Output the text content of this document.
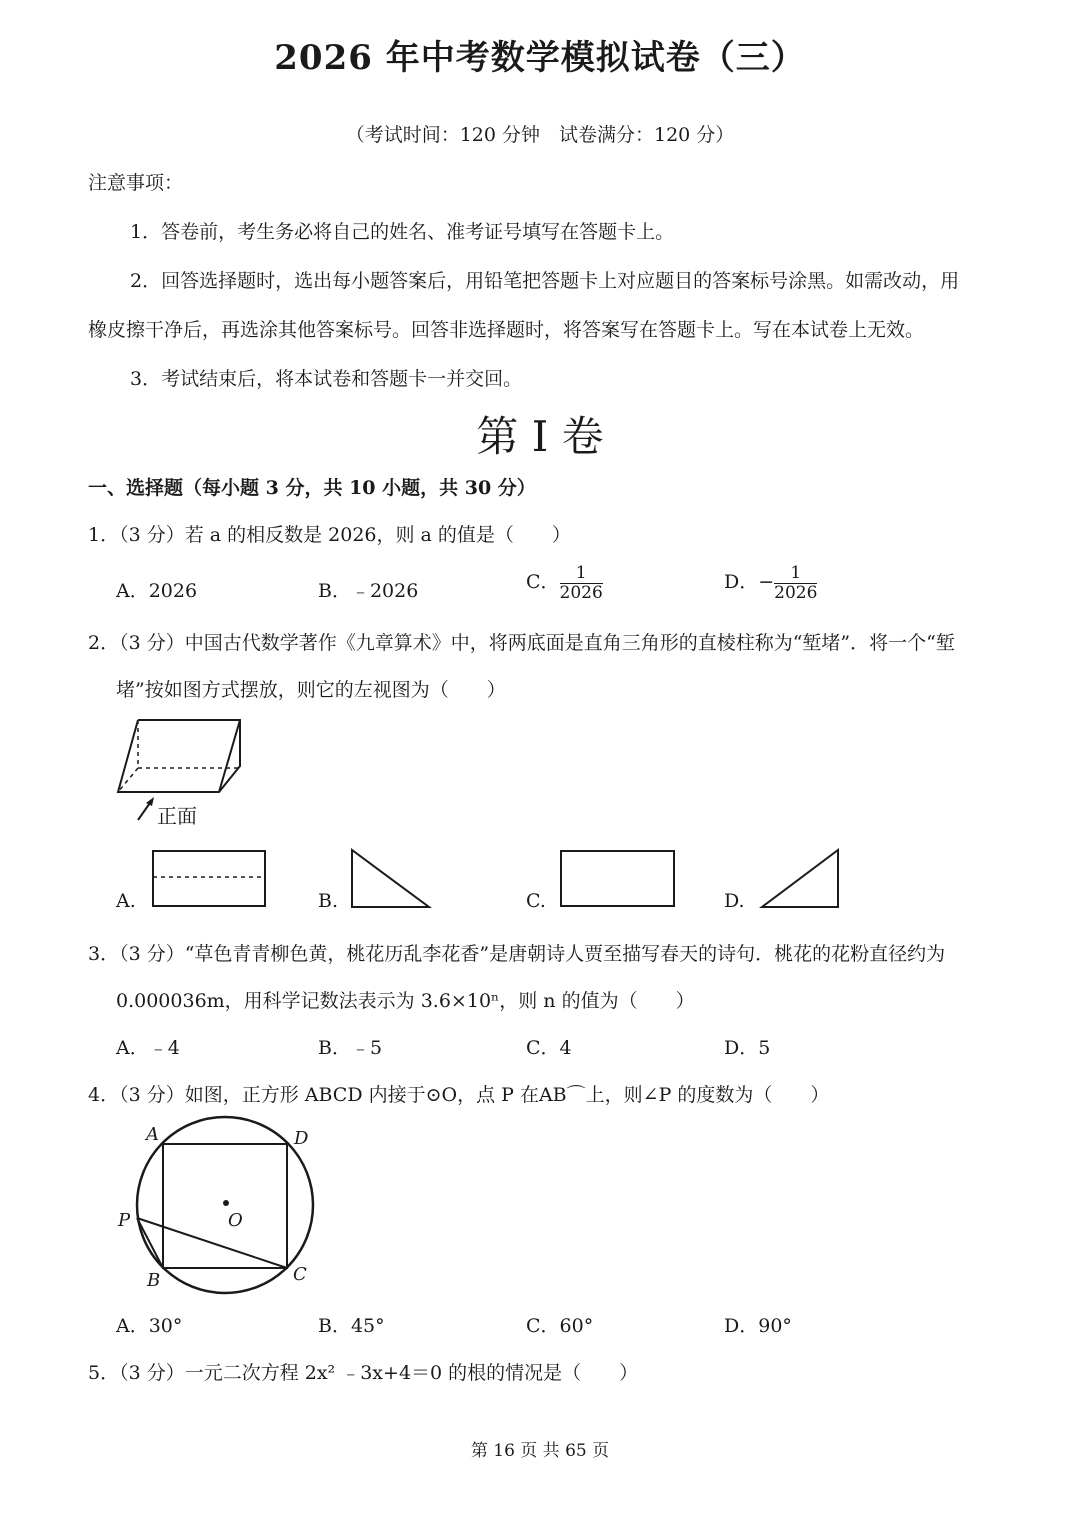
2026 年中考数学模拟试卷（三）
（考试时间：120 分钟　试卷满分：120 分）
注意事项：
1．答卷前，考生务必将自己的姓名、准考证号填写在答题卡上。
2．回答选择题时，选出每小题答案后，用铅笔把答题卡上对应题目的答案标号涂黑。如需改动，用
橡皮擦干净后，再选涂其他答案标号。回答非选择题时，将答案写在答题卡上。写在本试卷上无效。
3．考试结束后，将本试卷和答题卡一并交回。
第 I 卷
一、选择题（每小题 3 分，共 10 小题，共 30 分）
1．（3 分）若 a 的相反数是 2026，则 a 的值是（　　）
A．2026	B．﹣2026	C． $\frac{1}{2026}$	D．− $\frac{1}{2026}$
2．（3 分）中国古代数学著作《九章算术》中，将两底面是直角三角形的直棱柱称为“堑堵”．将一个“堑
堵”按如图方式摆放，则它的左视图为（　　）
正面
A.	B.	C.	D.
3．（3 分）“草色青青柳色黄，桃花历乱李花香”是唐朝诗人贾至描写春天的诗句．桃花的花粉直径约为
0.000036m，用科学记数法表示为 3.6×10ⁿ，则 n 的值为（　　）
A．﹣4	B．﹣5	C．4	D．5
4．（3 分）如图，正方形 ABCD 内接于⊙O，点 P 在AB⌒上，则∠P 的度数为（　　）
A	D
P	O
B	C
A．30°	B．45°	C．60°	D．90°
5．（3 分）一元二次方程 2x² ﹣3x+4＝0 的根的情况是（　　）
第 16 页 共 65 页
